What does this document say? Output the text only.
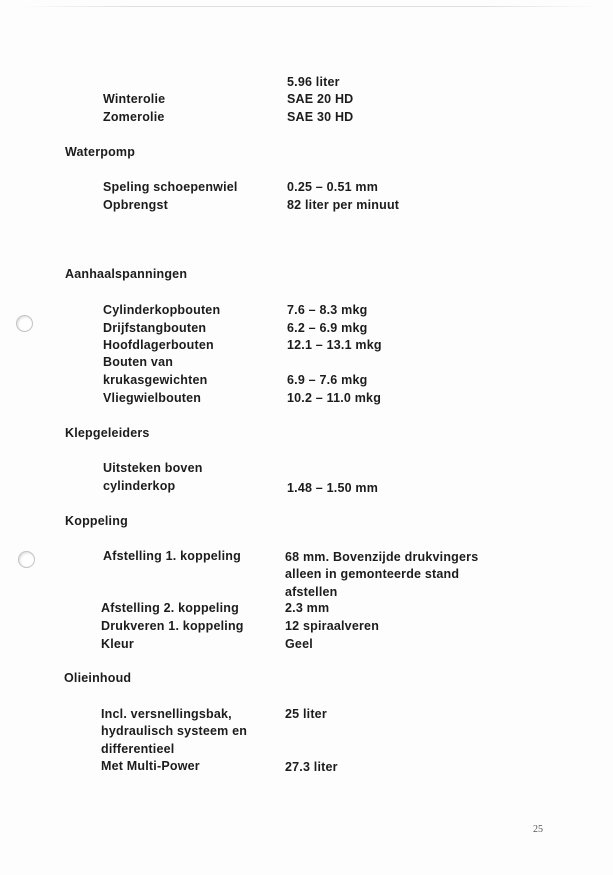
5.96 liter
Winterolie	SAE 20 HD
Zomerolie	SAE 30 HD
Waterpomp
Speling schoepenwiel	0.25 – 0.51 mm
Opbrengst	82 liter per minuut
Aanhaalspanningen
Cylinderkopbouten	7.6 – 8.3 mkg
Drijfstangbouten	6.2 – 6.9 mkg
Hoofdlagerbouten	12.1 – 13.1 mkg
Bouten van
krukasgewichten	6.9 – 7.6 mkg
Vliegwielbouten	10.2 – 11.0 mkg
Klepgeleiders
Uitsteken boven
cylinderkop	1.48 – 1.50 mm
Koppeling
Afstelling 1. koppeling	68 mm. Bovenzijde drukvingers
alleen in gemonteerde stand
afstellen
Afstelling 2. koppeling	2.3 mm
Drukveren 1. koppeling	12 spiraalveren
Kleur	Geel
Olieinhoud
Incl. versnellingsbak,	25 liter
hydraulisch systeem en
differentieel
Met Multi-Power	27.3 liter
25
